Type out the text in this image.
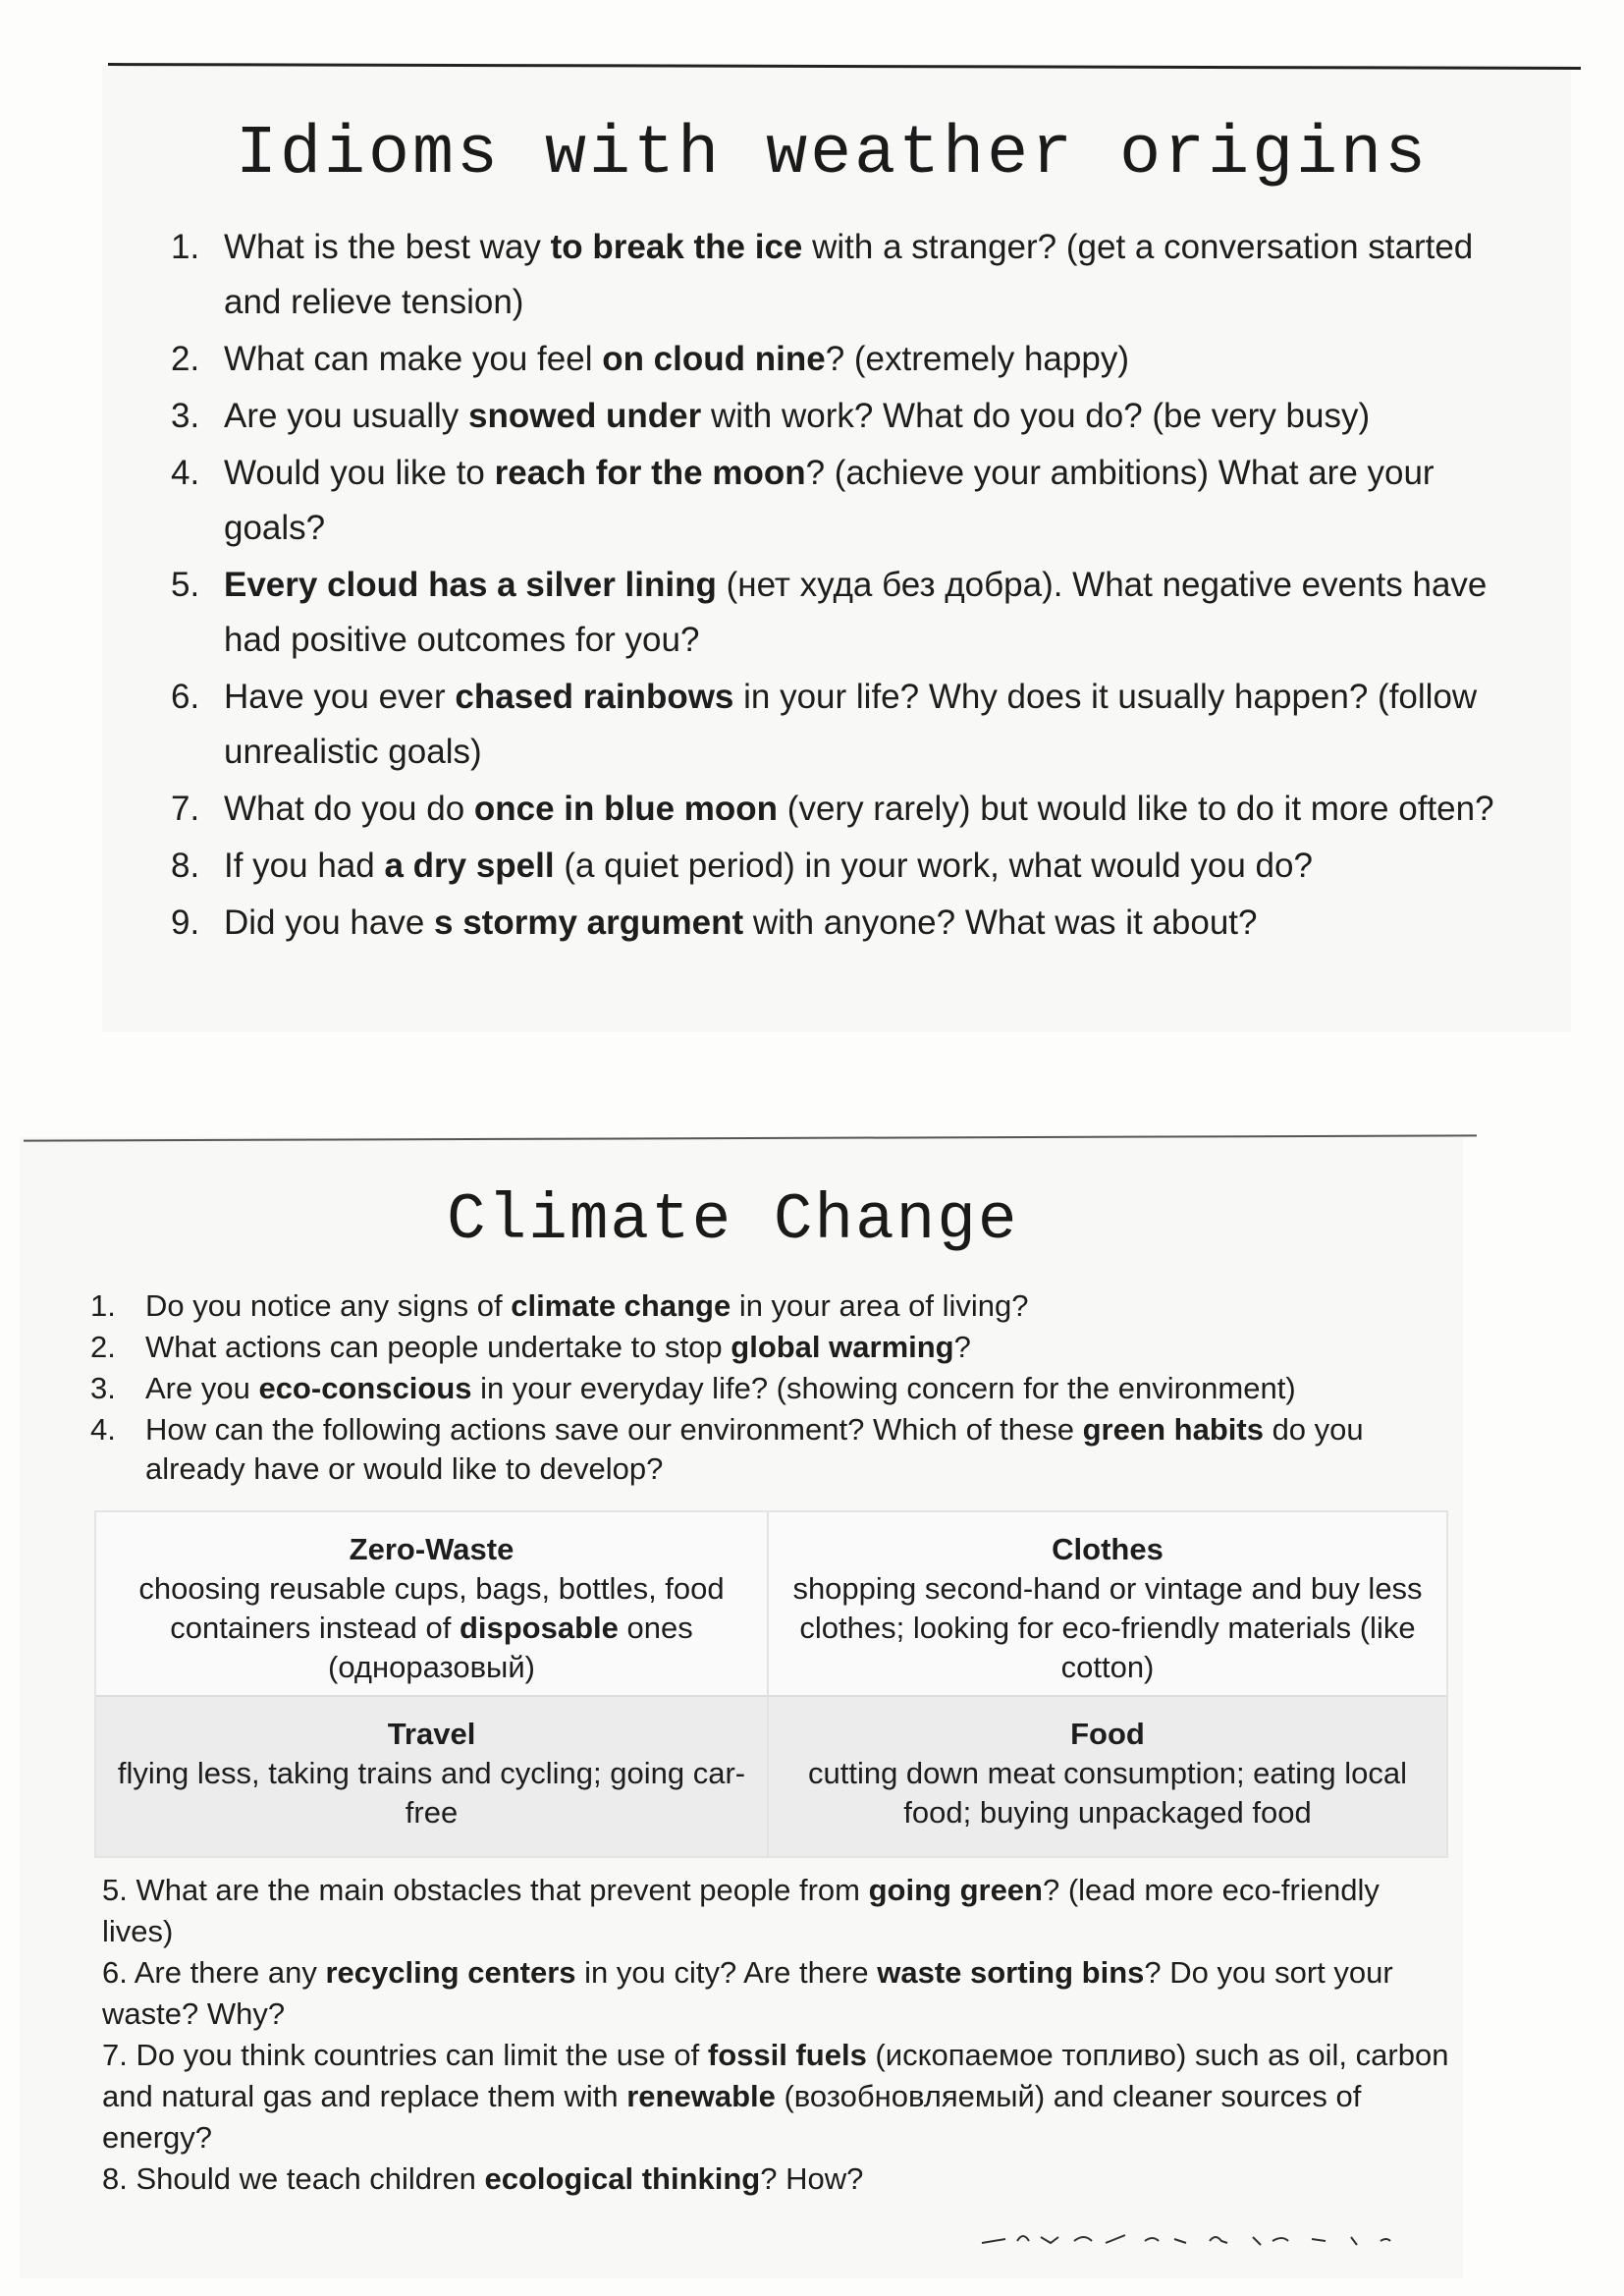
Idioms with weather origins
1. What is the best way to break the ice with a stranger? (get a conversation started and relieve tension)
2. What can make you feel on cloud nine? (extremely happy)
3. Are you usually snowed under with work? What do you do? (be very busy)
4. Would you like to reach for the moon? (achieve your ambitions) What are your goals?
5. Every cloud has a silver lining (нет худа без добра). What negative events have had positive outcomes for you?
6. Have you ever chased rainbows in your life? Why does it usually happen? (follow unrealistic goals)
7. What do you do once in blue moon (very rarely) but would like to do it more often?
8. If you had a dry spell (a quiet period) in your work, what would you do?
9. Did you have s stormy argument with anyone? What was it about?
Climate Change
1. Do you notice any signs of climate change in your area of living?
2. What actions can people undertake to stop global warming?
3. Are you eco-conscious in your everyday life? (showing concern for the environment)
4. How can the following actions save our environment? Which of these green habits do you already have or would like to develop?
Zero-Waste
choosing reusable cups, bags, bottles, food containers instead of disposable ones (одноразовый)
Clothes
shopping second-hand or vintage and buy less clothes; looking for eco-friendly materials (like cotton)
Travel
flying less, taking trains and cycling; going car-free
Food
cutting down meat consumption; eating local food; buying unpackaged food

5. What are the main obstacles that prevent people from going green? (lead more eco-friendly lives)

6. Are there any recycling centers in you city? Are there waste sorting bins? Do you sort your waste? Why?

7. Do you think countries can limit the use of fossil fuels (ископаемое топливо) such as oil, carbon and natural gas and replace them with renewable (возобновляемый) and cleaner sources of energy?

8. Should we teach children ecological thinking? How?
